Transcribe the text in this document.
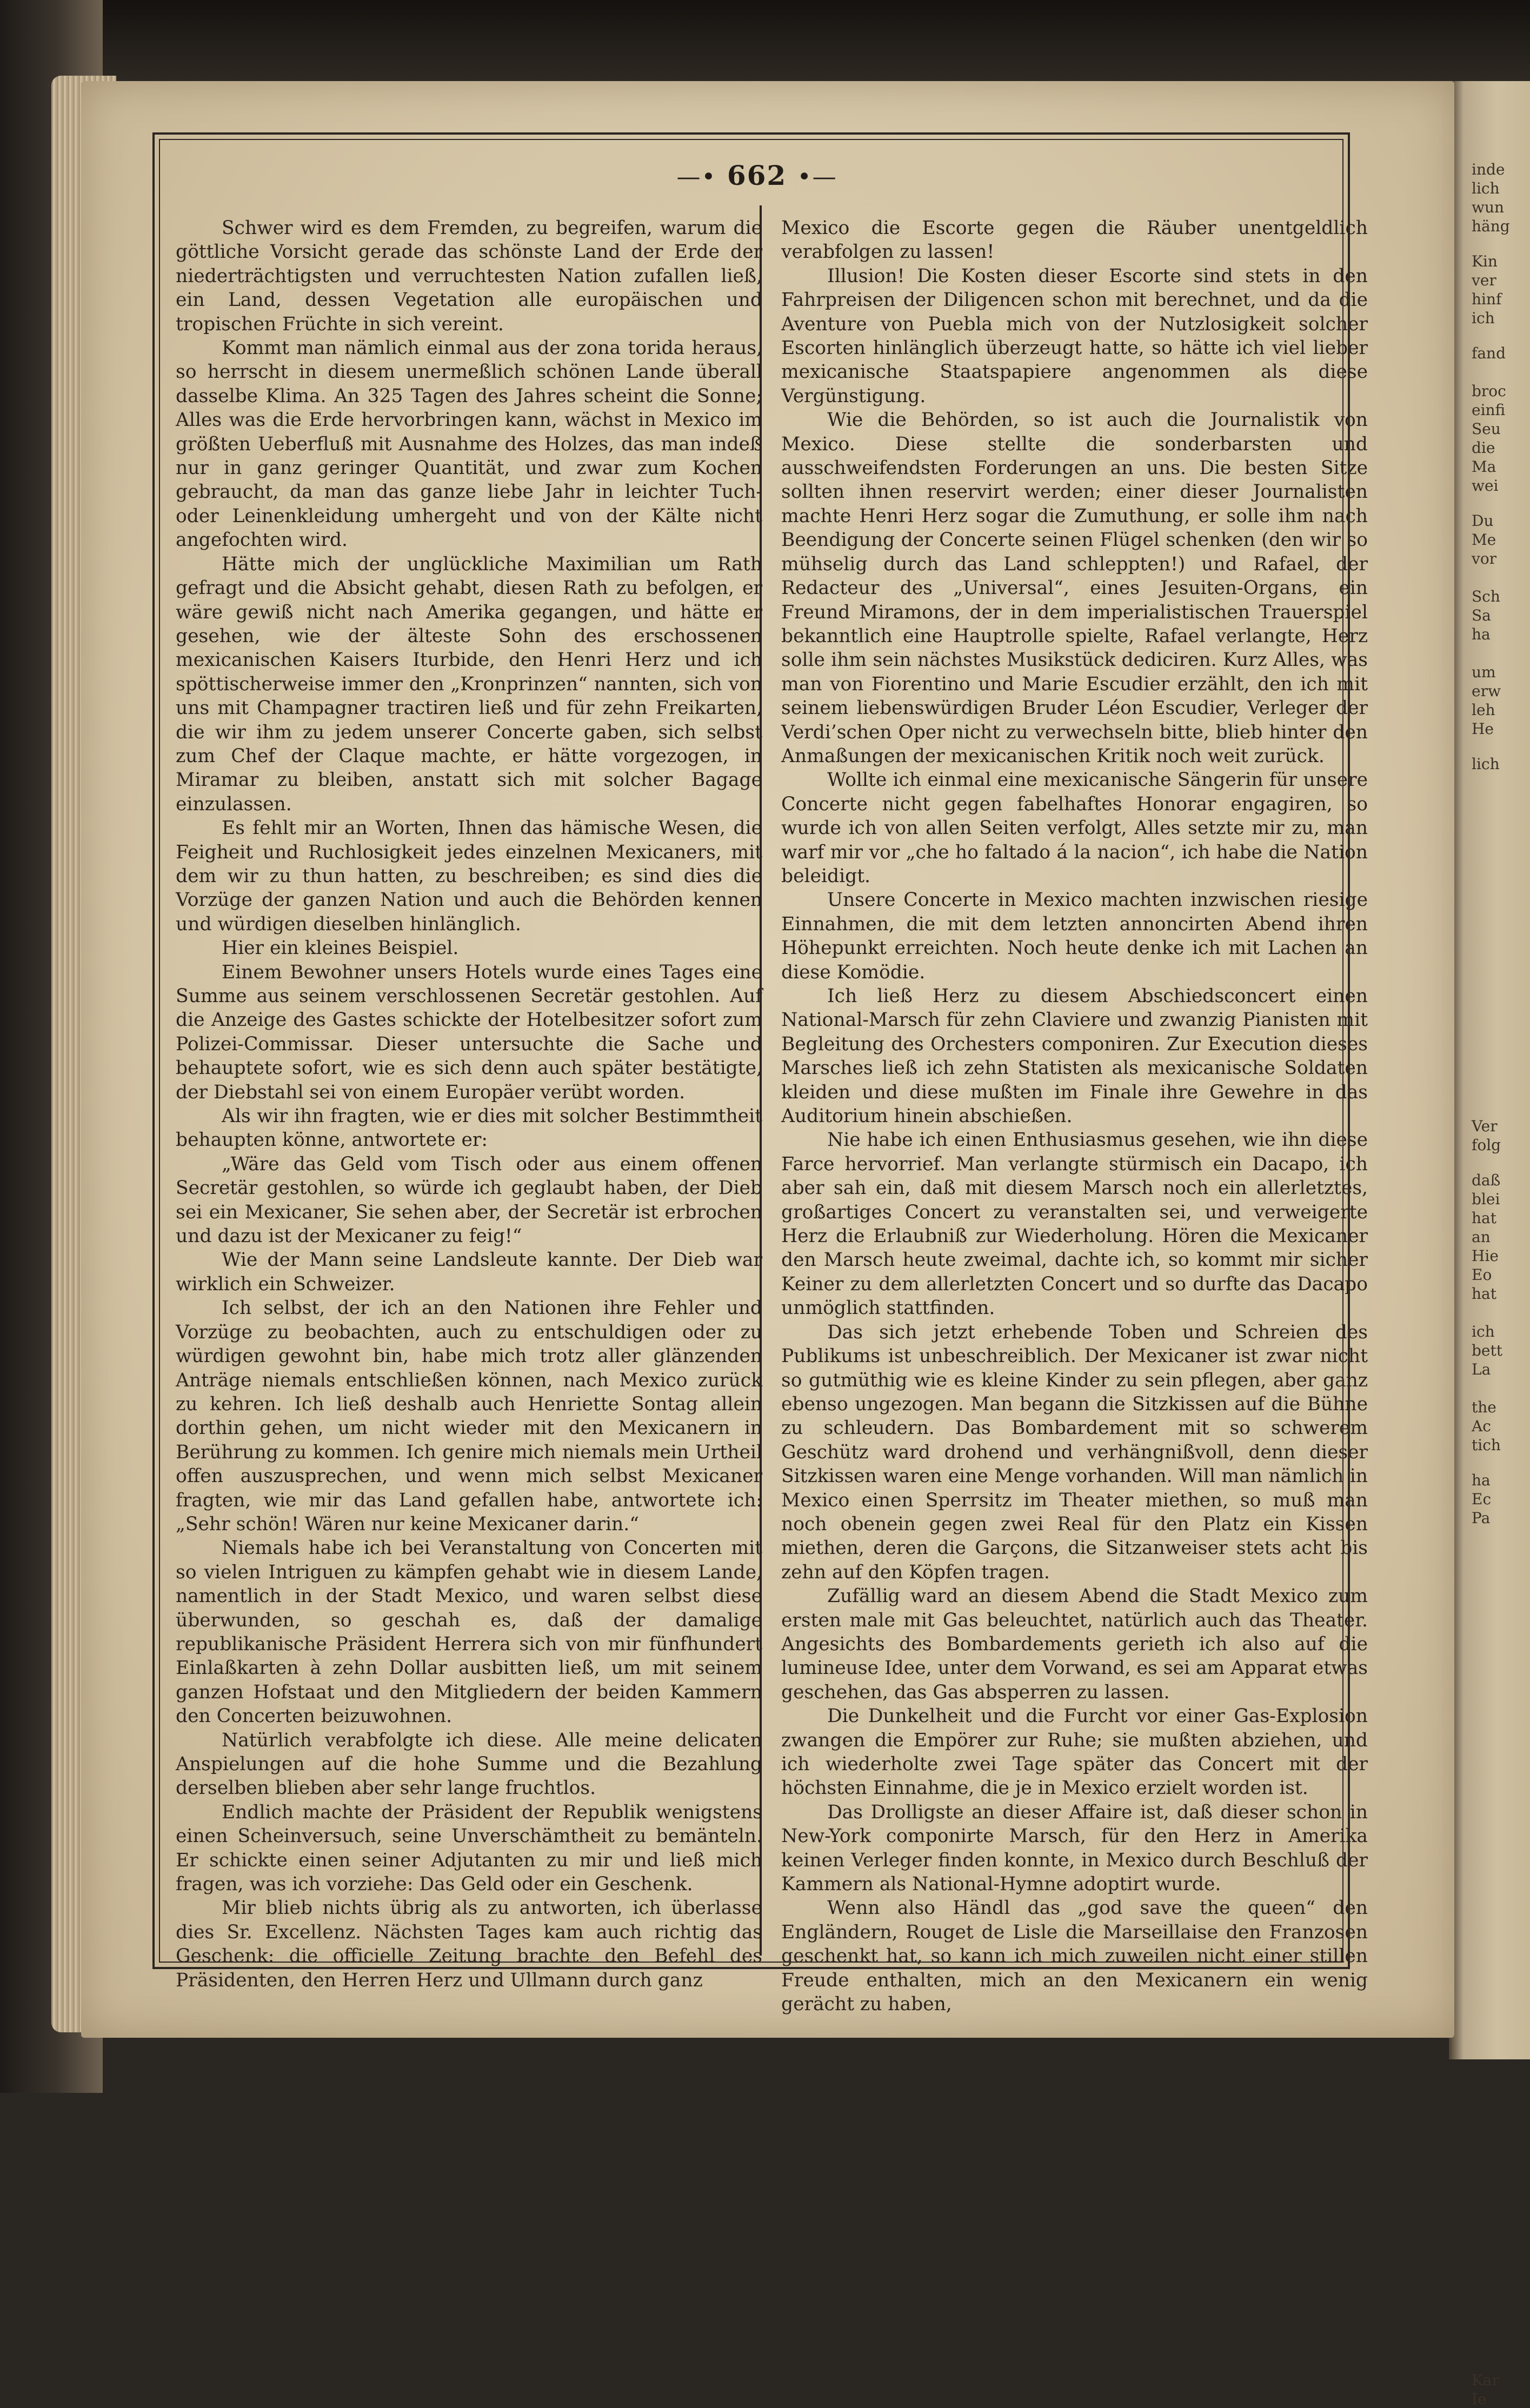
inde
lich
wun
häng
Kin
ver
hinf
ich
fand
broc
einfi
Seu
die
Ma
wei
Du
Me
vor
Sch
Sa
ha
um
erw
leh
He
lich
Ver
folg
daß
blei
hat
an
Hie
Eo
hat
ich
bett
La
the
Ac
tich
ha
Ec
Pa
Kar
Ie
—• 662 •—

Schwer wird es dem Fremden, zu begreifen, warum die göttliche Vorsicht gerade das schönste Land der Erde der niederträchtigsten und verruchtesten Nation zufallen ließ, ein Land, dessen Vegetation alle europäischen und tropischen Früchte in sich vereint.

Kommt man nämlich einmal aus der zona torida heraus, so herrscht in diesem unermeßlich schönen Lande überall dasselbe Klima. An 325 Tagen des Jahres scheint die Sonne; Alles was die Erde hervorbringen kann, wächst in Mexico im größten Ueberfluß mit Ausnahme des Holzes, das man indeß nur in ganz geringer Quantität, und zwar zum Kochen gebraucht, da man das ganze liebe Jahr in leichter Tuch- oder Leinenkleidung umhergeht und von der Kälte nicht angefochten wird.

Hätte mich der unglückliche Maximilian um Rath gefragt und die Absicht gehabt, diesen Rath zu befolgen, er wäre gewiß nicht nach Amerika gegangen, und hätte er gesehen, wie der älteste Sohn des erschossenen mexicanischen Kaisers Iturbide, den Henri Herz und ich spöttischerweise immer den „Kronprinzen“ nannten, sich von uns mit Champagner tractiren ließ und für zehn Freikarten, die wir ihm zu jedem unserer Concerte gaben, sich selbst zum Chef der Claque machte, er hätte vorgezogen, in Miramar zu bleiben, anstatt sich mit solcher Bagage einzulassen.

Es fehlt mir an Worten, Ihnen das hämische Wesen, die Feigheit und Ruchlosigkeit jedes einzelnen Mexicaners, mit dem wir zu thun hatten, zu beschreiben; es sind dies die Vorzüge der ganzen Nation und auch die Behörden kennen und würdigen dieselben hinlänglich.

Hier ein kleines Beispiel.

Einem Bewohner unsers Hotels wurde eines Tages eine Summe aus seinem verschlossenen Secretär gestohlen. Auf die Anzeige des Gastes schickte der Hotelbesitzer sofort zum Polizei-Commissar. Dieser untersuchte die Sache und behauptete sofort, wie es sich denn auch später bestätigte, der Diebstahl sei von einem Europäer verübt worden.

Als wir ihn fragten, wie er dies mit solcher Bestimmtheit behaupten könne, antwortete er:

„Wäre das Geld vom Tisch oder aus einem offenen Secretär gestohlen, so würde ich geglaubt haben, der Dieb sei ein Mexicaner, Sie sehen aber, der Secretär ist erbrochen und dazu ist der Mexicaner zu feig!“

Wie der Mann seine Landsleute kannte. Der Dieb war wirklich ein Schweizer.

Ich selbst, der ich an den Nationen ihre Fehler und Vorzüge zu beobachten, auch zu entschuldigen oder zu würdigen gewohnt bin, habe mich trotz aller glänzenden Anträge niemals entschließen können, nach Mexico zurück zu kehren. Ich ließ deshalb auch Henriette Sontag allein dorthin gehen, um nicht wieder mit den Mexicanern in Berührung zu kommen. Ich genire mich niemals mein Urtheil offen auszusprechen, und wenn mich selbst Mexicaner fragten, wie mir das Land gefallen habe, antwortete ich: „Sehr schön! Wären nur keine Mexicaner darin.“

Niemals habe ich bei Veranstaltung von Concerten mit so vielen Intriguen zu kämpfen gehabt wie in diesem Lande, namentlich in der Stadt Mexico, und waren selbst diese überwunden, so geschah es, daß der damalige republikanische Präsident Herrera sich von mir fünfhundert Einlaßkarten à zehn Dollar ausbitten ließ, um mit seinem ganzen Hofstaat und den Mitgliedern der beiden Kammern den Concerten beizuwohnen.

Natürlich verabfolgte ich diese. Alle meine delicaten Anspielungen auf die hohe Summe und die Bezahlung derselben blieben aber sehr lange fruchtlos.

Endlich machte der Präsident der Republik wenigstens einen Scheinversuch, seine Unverschämtheit zu bemänteln. Er schickte einen seiner Adjutanten zu mir und ließ mich fragen, was ich vorziehe: Das Geld oder ein Geschenk.

Mir blieb nichts übrig als zu antworten, ich überlasse dies Sr. Excellenz. Nächsten Tages kam auch richtig das Geschenk: die officielle Zeitung brachte den Befehl des Präsidenten, den Herren Herz und Ullmann durch ganz

Mexico die Escorte gegen die Räuber unentgeldlich verabfolgen zu lassen!

Illusion! Die Kosten dieser Escorte sind stets in den Fahrpreisen der Diligencen schon mit berechnet, und da die Aventure von Puebla mich von der Nutzlosigkeit solcher Escorten hinlänglich überzeugt hatte, so hätte ich viel lieber mexicanische Staatspapiere angenommen als diese Vergünstigung.

Wie die Behörden, so ist auch die Journalistik von Mexico. Diese stellte die sonderbarsten und ausschweifendsten Forderungen an uns. Die besten Sitze sollten ihnen reservirt werden; einer dieser Journalisten machte Henri Herz sogar die Zumuthung, er solle ihm nach Beendigung der Concerte seinen Flügel schenken (den wir so mühselig durch das Land schleppten!) und Rafael, der Redacteur des „Universal“, eines Jesuiten-Organs, ein Freund Miramons, der in dem imperialistischen Trauerspiel bekanntlich eine Hauptrolle spielte, Rafael verlangte, Herz solle ihm sein nächstes Musikstück dediciren. Kurz Alles, was man von Fiorentino und Marie Escudier erzählt, den ich mit seinem liebenswürdigen Bruder Léon Escudier, Verleger der Verdi’schen Oper nicht zu verwechseln bitte, blieb hinter den Anmaßungen der mexicanischen Kritik noch weit zurück.

Wollte ich einmal eine mexicanische Sängerin für unsere Concerte nicht gegen fabelhaftes Honorar engagiren, so wurde ich von allen Seiten verfolgt, Alles setzte mir zu, man warf mir vor „che ho faltado á la nacion“, ich habe die Nation beleidigt.

Unsere Concerte in Mexico machten inzwischen riesige Einnahmen, die mit dem letzten annoncirten Abend ihren Höhepunkt erreichten. Noch heute denke ich mit Lachen an diese Komödie.

Ich ließ Herz zu diesem Abschiedsconcert einen National-Marsch für zehn Claviere und zwanzig Pianisten mit Begleitung des Orchesters componiren. Zur Execution dieses Marsches ließ ich zehn Statisten als mexicanische Soldaten kleiden und diese mußten im Finale ihre Gewehre in das Auditorium hinein abschießen.

Nie habe ich einen Enthusiasmus gesehen, wie ihn diese Farce hervorrief. Man verlangte stürmisch ein Dacapo, ich aber sah ein, daß mit diesem Marsch noch ein allerletztes, großartiges Concert zu veranstalten sei, und verweigerte Herz die Erlaubniß zur Wiederholung. Hören die Mexicaner den Marsch heute zweimal, dachte ich, so kommt mir sicher Keiner zu dem allerletzten Concert und so durfte das Dacapo unmöglich stattfinden.

Das sich jetzt erhebende Toben und Schreien des Publikums ist unbeschreiblich. Der Mexicaner ist zwar nicht so gutmüthig wie es kleine Kinder zu sein pflegen, aber ganz ebenso ungezogen. Man begann die Sitzkissen auf die Bühne zu schleudern. Das Bombardement mit so schwerem Geschütz ward drohend und verhängnißvoll, denn dieser Sitzkissen waren eine Menge vorhanden. Will man nämlich in Mexico einen Sperrsitz im Theater miethen, so muß man noch obenein gegen zwei Real für den Platz ein Kissen miethen, deren die Garçons, die Sitzanweiser stets acht bis zehn auf den Köpfen tragen.

Zufällig ward an diesem Abend die Stadt Mexico zum ersten male mit Gas beleuchtet, natürlich auch das Theater. Angesichts des Bombardements gerieth ich also auf die lumineuse Idee, unter dem Vorwand, es sei am Apparat etwas geschehen, das Gas absperren zu lassen.

Die Dunkelheit und die Furcht vor einer Gas-Explosion zwangen die Empörer zur Ruhe; sie mußten abziehen, und ich wiederholte zwei Tage später das Concert mit der höchsten Einnahme, die je in Mexico erzielt worden ist.

Das Drolligste an dieser Affaire ist, daß dieser schon in New-York componirte Marsch, für den Herz in Amerika keinen Verleger finden konnte, in Mexico durch Beschluß der Kammern als National-Hymne adoptirt wurde.

Wenn also Händl das „god save the queen“ den Engländern, Rouget de Lisle die Marseillaise den Franzosen geschenkt hat, so kann ich mich zuweilen nicht einer stillen Freude enthalten, mich an den Mexicanern ein wenig gerächt zu haben,
